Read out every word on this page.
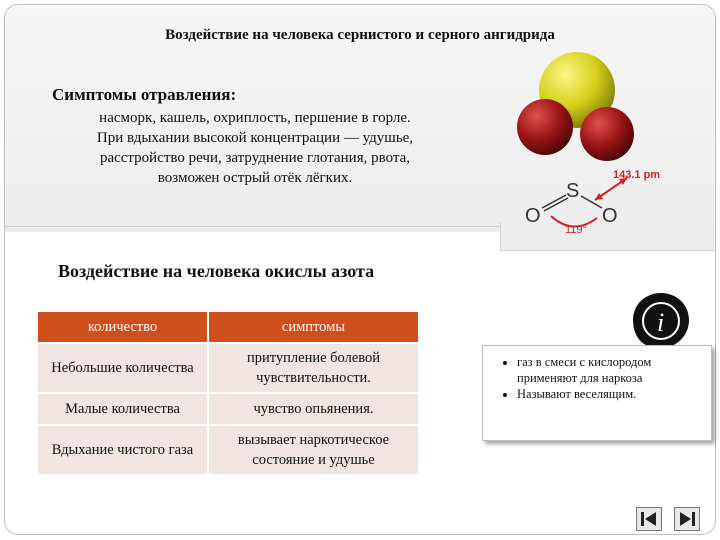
Воздействие на человека сернистого и серного ангидрида
Симптомы отравления:
насморк, кашель, охриплость, першение в горле.
При вдыхании высокой концентрации — удушье,
расстройство речи, затруднение глотания, рвота,
возможен острый отёк лёгких.	143.1 pm
S
O	O
119°
Воздействие на человека окислы азота
количество	симптомы
Небольшие количества	притупление болевой чувствительности.
Малые количества	чувство опьянения.
Вдыхание чистого газа	вызывает наркотическое состояние и удушье
i
• газ в смеси с кислородом применяют для наркоза
• Называют веселящим.
